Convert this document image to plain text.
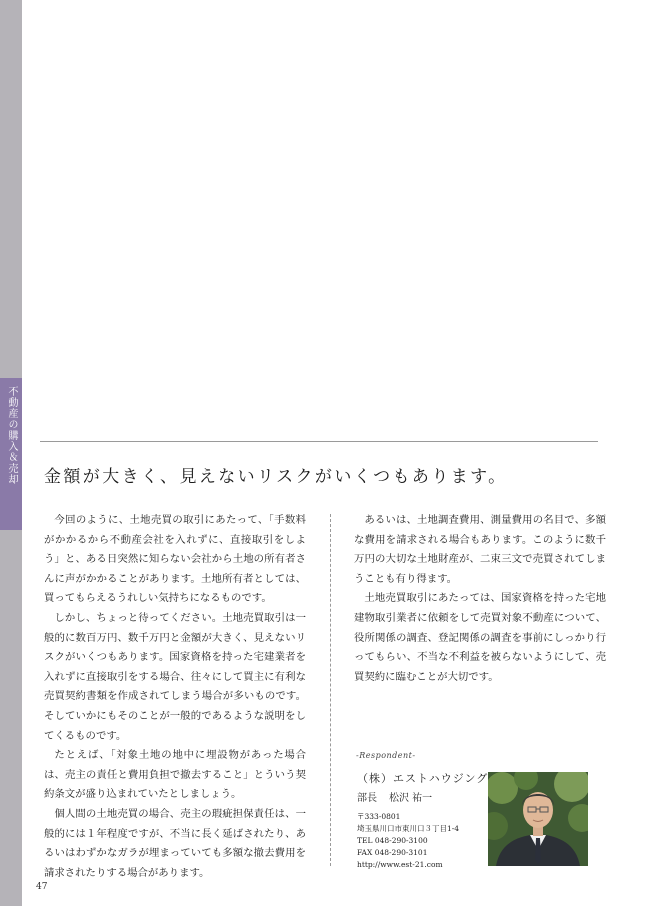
不動産の購入＆売却 金額が大きく、見えないリスクがいくつもあります。

今回のように、土地売買の取引にあたって、「手数料がかかるから不動産会社を入れずに、直接取引をしよう」と、ある日突然に知らない会社から土地の所有者さんに声がかかることがあります。土地所有者としては、買ってもらえるうれしい気持ちになるものです。

しかし、ちょっと待ってください。土地売買取引は一般的に数百万円、数千万円と金額が大きく、見えないリスクがいくつもあります。国家資格を持った宅建業者を入れずに直接取引をする場合、往々にして買主に有利な売買契約書類を作成されてしまう場合が多いものです。そしていかにもそのことが一般的であるような説明をしてくるものです。

たとえば、「対象土地の地中に埋設物があった場合は、売主の責任と費用負担で撤去すること」とういう契約条文が盛り込まれていたとしましょう。

個人間の土地売買の場合、売主の瑕疵担保責任は、一般的には１年程度ですが、不当に長く延ばされたり、あるいはわずかなガラが埋まっていても多額な撤去費用を請求されたりする場合があります。

あるいは、土地調査費用、測量費用の名目で、多額な費用を請求される場合もあります。このように数千万円の大切な土地財産が、二束三文で売買されてしまうことも有り得ます。

土地売買取引にあたっては、国家資格を持った宅地建物取引業者に依頼をして売買対象不動産について、役所関係の調査、登記関係の調査を事前にしっかり行ってもらい、不当な不利益を被らないようにして、売買契約に臨むことが大切です。

-Respondent-
（株）エストハウジング
部長 松沢 祐一
〒333-0801
埼玉県川口市東川口３丁目1-4
TEL 048-290-3100
FAX 048-290-3101
http://www.est-21.com
47
